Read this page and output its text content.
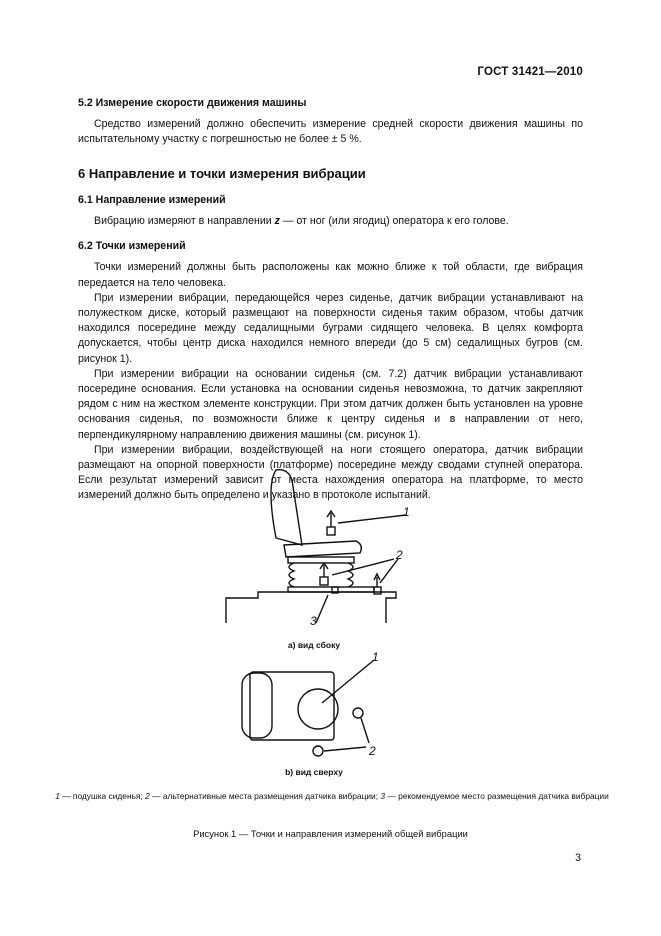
ГОСТ 31421—2010
5.2 Измерение скорости движения машины

Средство измерений должно обеспечить измерение средней скорости движения машины по испытательному участку с погрешностью не более ± 5 %.

6 Направление и точки измерения вибрации
6.1 Направление измерений

Вибрацию измеряют в направлении z — от ног (или ягодиц) оператора к его голове.

6.2 Точки измерений

Точки измерений должны быть расположены как можно ближе к той области, где вибрация передается на тело человека.

При измерении вибрации, передающейся через сиденье, датчик вибрации устанавливают на полужестком диске, который размещают на поверхности сиденья таким образом, чтобы датчик находился посередине между седалищными буграми сидящего человека. В целях комфорта допускается, чтобы центр диска находился немного впереди (до 5 см) седалищных бугров (см. рисунок 1).

При измерении вибрации на основании сиденья (см. 7.2) датчик вибрации устанавливают посередине основания. Если установка на основании сиденья невозможна, то датчик закрепляют рядом с ним на жестком элементе конструкции. При этом датчик должен быть установлен на уровне основания сиденья, по возможности ближе к центру сиденья и в направлении от него, перпендикулярному направлению движения машины (см. рисунок 1).

При измерении вибрации, воздействующей на ноги стоящего оператора, датчик вибрации размещают на опорной поверхности (платформе) посередине между сводами ступней оператора. Если результат измерений зависит от места нахождения оператора на платформе, то место измерений должно быть определено и указано в протоколе испытаний.

1
2
3
1
2
a) вид сбоку
b) вид сверху
1 — подушка сиденья; 2 — альтернативные места размещения датчика вибрации; 3 — рекомендуемое место размещения датчика вибрации
Рисунок 1 — Точки и направления измерений общей вибрации
3
